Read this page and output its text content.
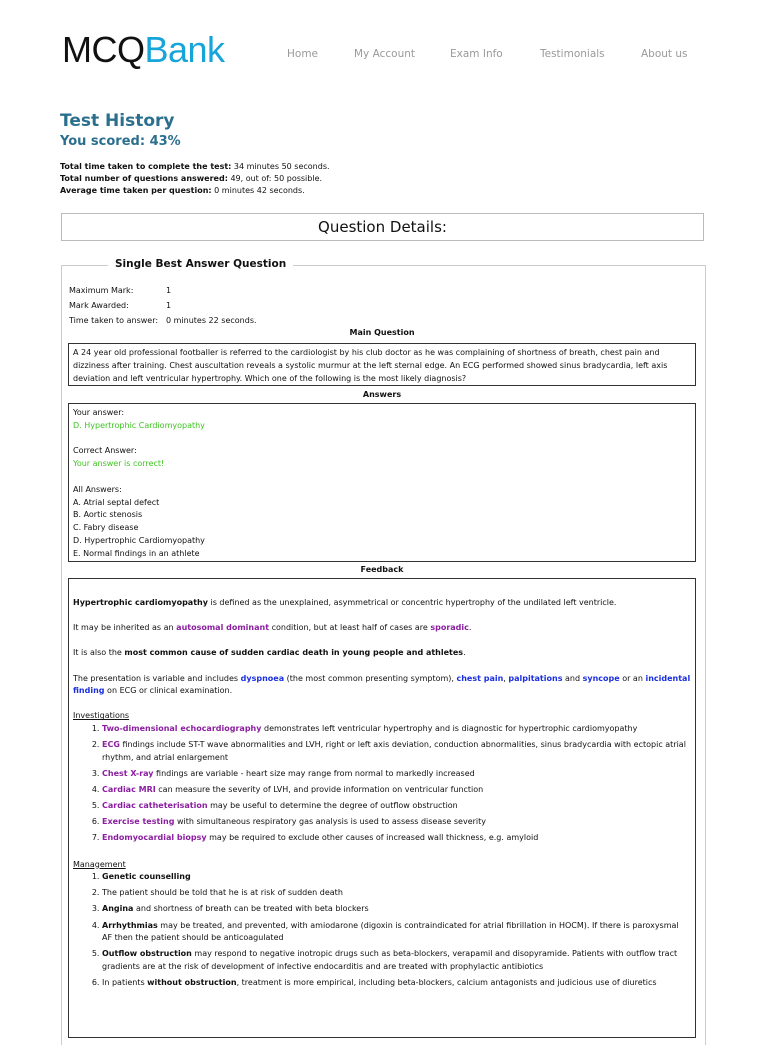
MCQBank	Home	My Account	Exam Info	Testimonials	About us
Test History
You scored: 43%
Total time taken to complete the test: 34 minutes 50 seconds.
Total number of questions answered: 49, out of: 50 possible.
Average time taken per question: 0 minutes 42 seconds.
Question Details:
Single Best Answer Question
Maximum Mark:	1
Mark Awarded:	1
Time taken to answer: 0 minutes 22 seconds.
Main Question
A 24 year old professional footballer is referred to the cardiologist by his club doctor as he was complaining of shortness of breath, chest pain and dizziness after training. Chest auscultation reveals a systolic murmur at the left sternal edge. An ECG performed showed sinus bradycardia, left axis deviation and left ventricular hypertrophy. Which one of the following is the most likely diagnosis?
Answers
Your answer:
D. Hypertrophic Cardiomyopathy
Correct Answer:
Your answer is correct!
All Answers:
A. Atrial septal defect
B. Aortic stenosis
C. Fabry disease
D. Hypertrophic Cardiomyopathy
E. Normal findings in an athlete
Feedback

Hypertrophic cardiomyopathy is defined as the unexplained, asymmetrical or concentric hypertrophy of the undilated left ventricle.

It may be inherited as an autosomal dominant condition, but at least half of cases are sporadic.

It is also the most common cause of sudden cardiac death in young people and athletes.

The presentation is variable and includes dyspnoea (the most common presenting symptom), chest pain, palpitations and syncope or an incidental finding on ECG or clinical examination.

Investigations

1. Two-dimensional echocardiography demonstrates left ventricular hypertrophy and is diagnostic for hypertrophic cardiomyopathy
2. ECG findings include ST-T wave abnormalities and LVH, right or left axis deviation, conduction abnormalities, sinus bradycardia with ectopic atrial rhythm, and atrial enlargement
3. Chest X-ray findings are variable - heart size may range from normal to markedly increased
4. Cardiac MRI can measure the severity of LVH, and provide information on ventricular function
5. Cardiac catheterisation may be useful to determine the degree of outflow obstruction
6. Exercise testing with simultaneous respiratory gas analysis is used to assess disease severity
7. Endomyocardial biopsy may be required to exclude other causes of increased wall thickness, e.g. amyloid

Management

1. Genetic counselling
2. The patient should be told that he is at risk of sudden death
3. Angina and shortness of breath can be treated with beta blockers
4. Arrhythmias may be treated, and prevented, with amiodarone (digoxin is contraindicated for atrial fibrillation in HOCM). If there is paroxysmal AF then the patient should be anticoagulated
5. Outflow obstruction may respond to negative inotropic drugs such as beta-blockers, verapamil and disopyramide. Patients with outflow tract gradients are at the risk of development of infective endocarditis and are treated with prophylactic antibiotics
6. In patients without obstruction, treatment is more empirical, including beta-blockers, calcium antagonists and judicious use of diuretics
